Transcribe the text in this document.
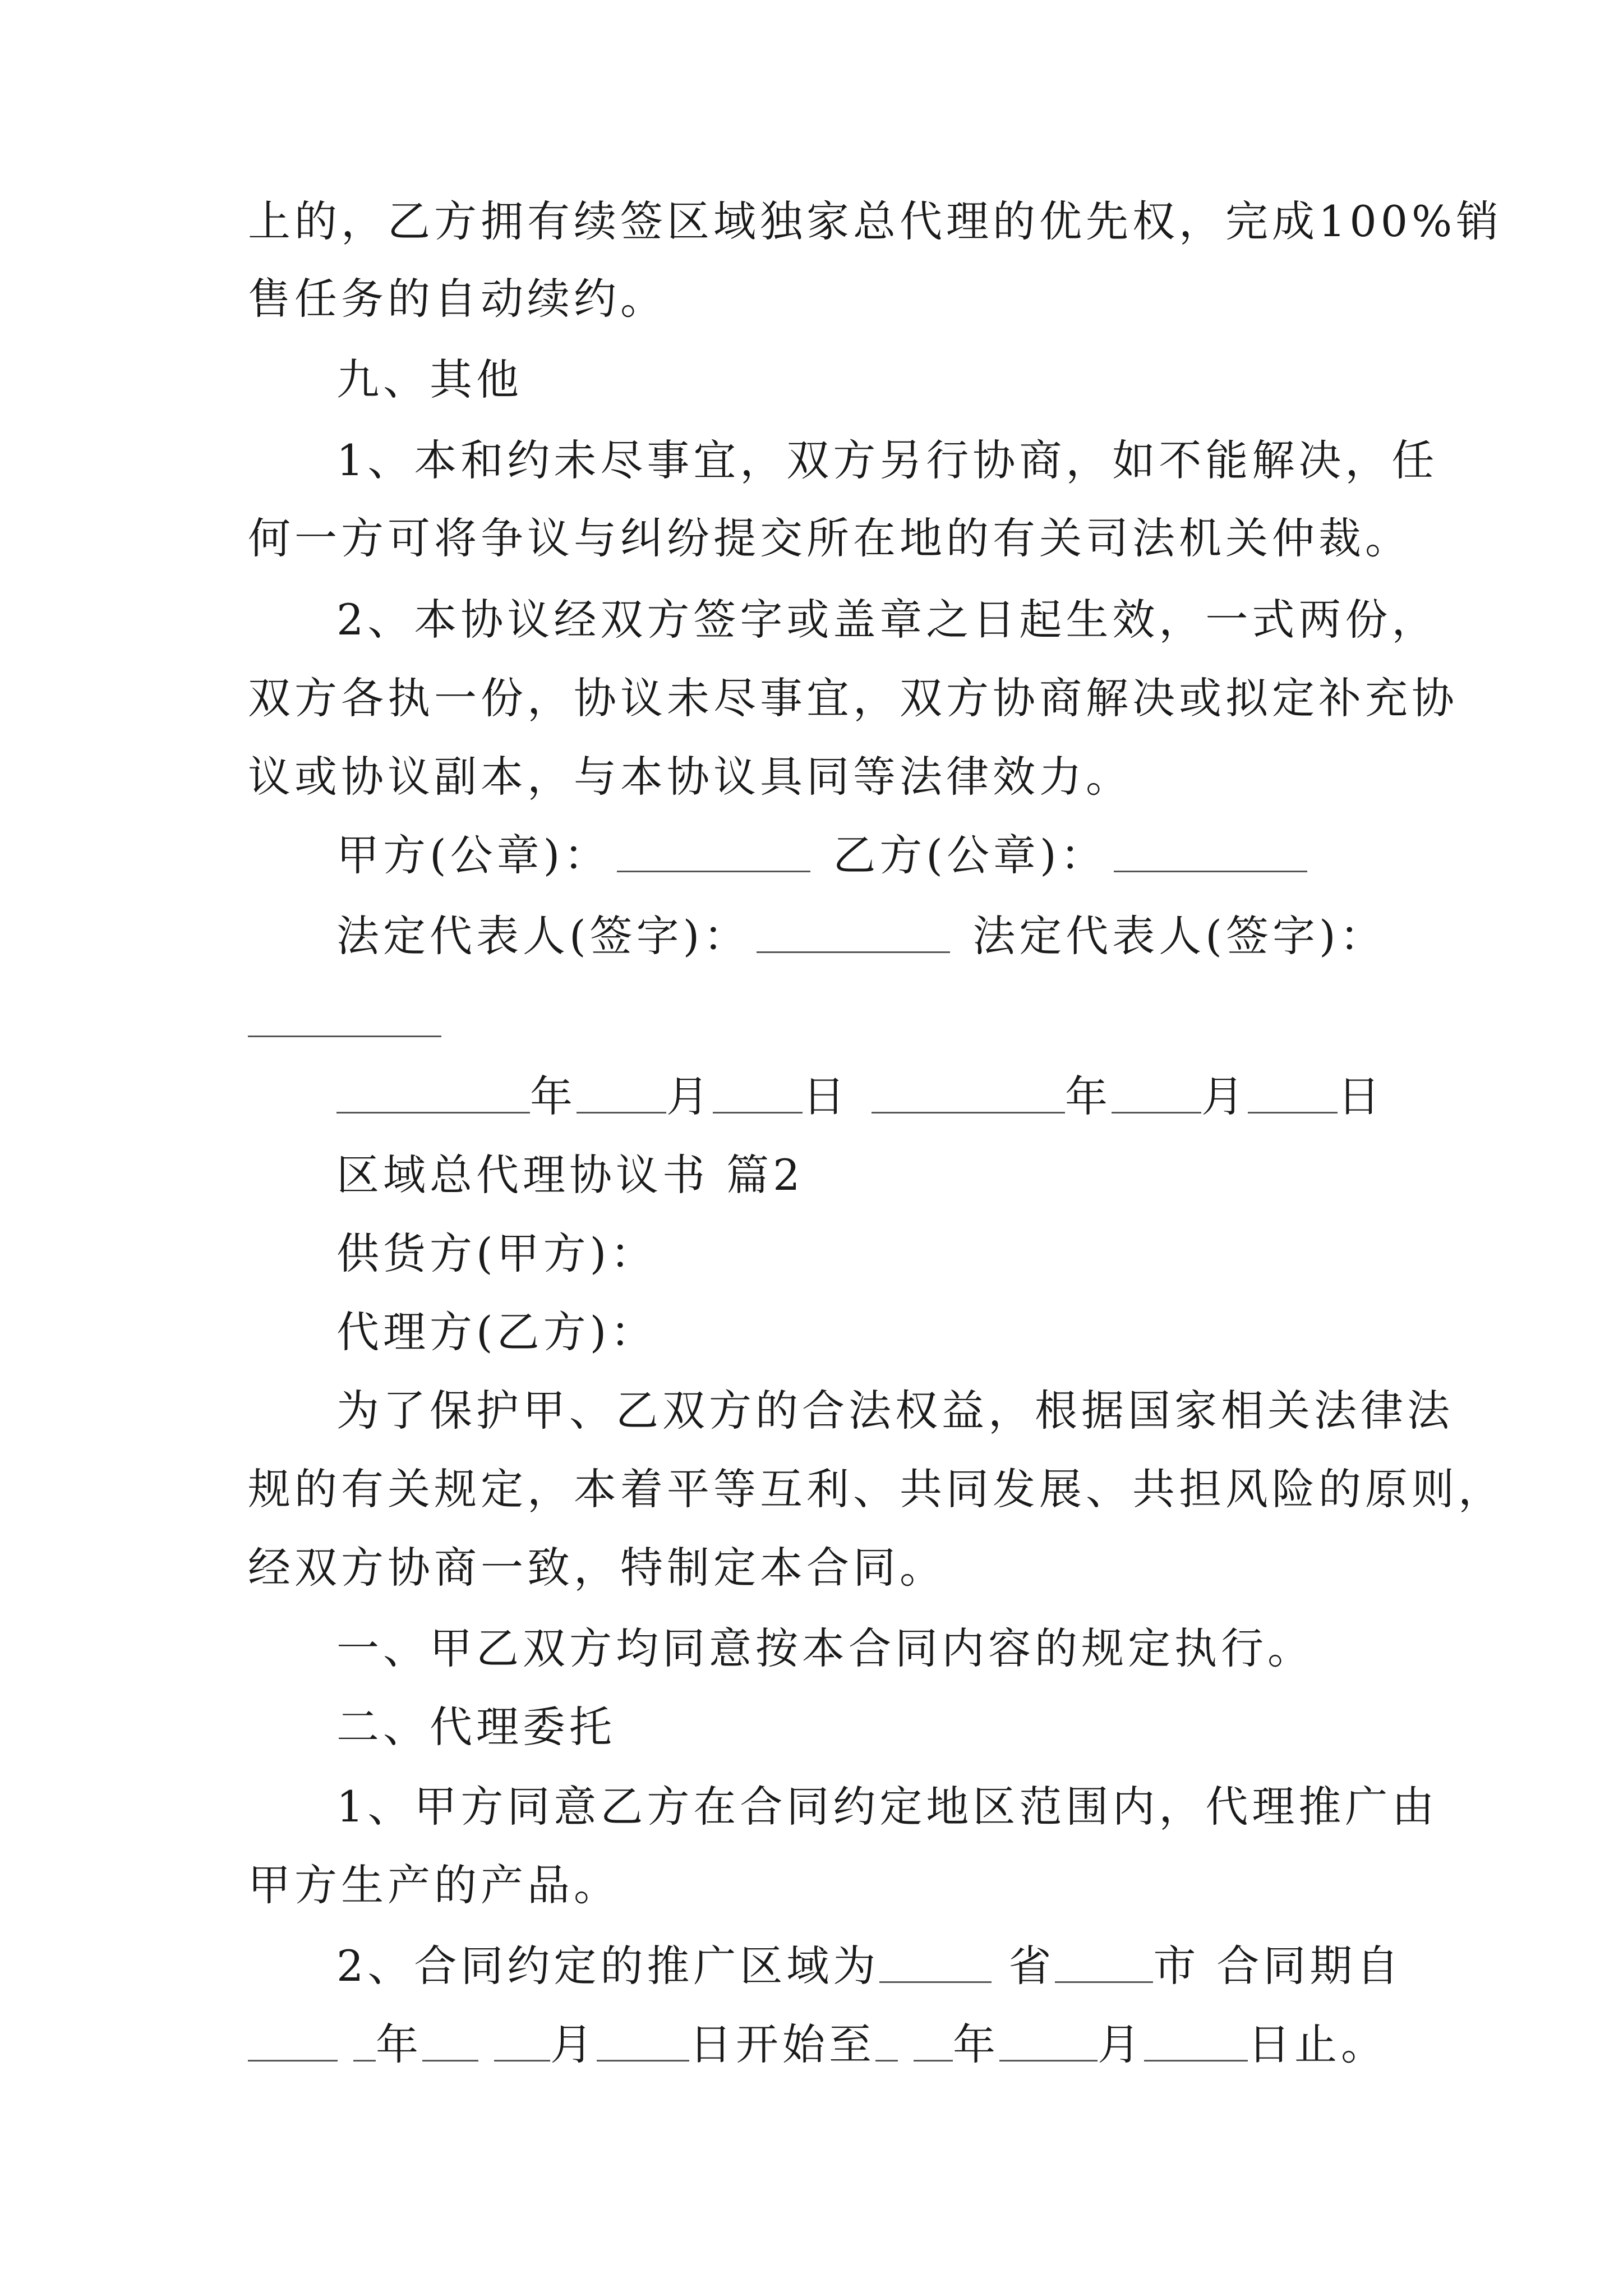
上的，乙方拥有续签区域独家总代理的优先权，完成100%销
售任务的自动续约。
九、其他
1、本和约未尽事宜，双方另行协商，如不能解决，任
何一方可将争议与纠纷提交所在地的有关司法机关仲裁。
2、本协议经双方签字或盖章之日起生效，一式两份，
双方各执一份，协议未尽事宜，双方协商解决或拟定补充协
议或协议副本，与本协议具同等法律效力。
甲方(公章)：	乙方(公章)：
法定代表人(签字)：	法定代表人(签字)：
年 月 日	年 月 日
区域总代理协议书 篇2
供货方(甲方)：
代理方(乙方)：
为了保护甲、乙双方的合法权益，根据国家相关法律法
规的有关规定，本着平等互利、共同发展、共担风险的原则，
经双方协商一致，特制定本合同。
一、甲乙双方均同意按本合同内容的规定执行。
二、代理委托
1、甲方同意乙方在合同约定地区范围内，代理推广由
甲方生产的产品。
2、合同约定的推广区域为	省 市 合同期自
年	月 日开始至 年 月 日止。
